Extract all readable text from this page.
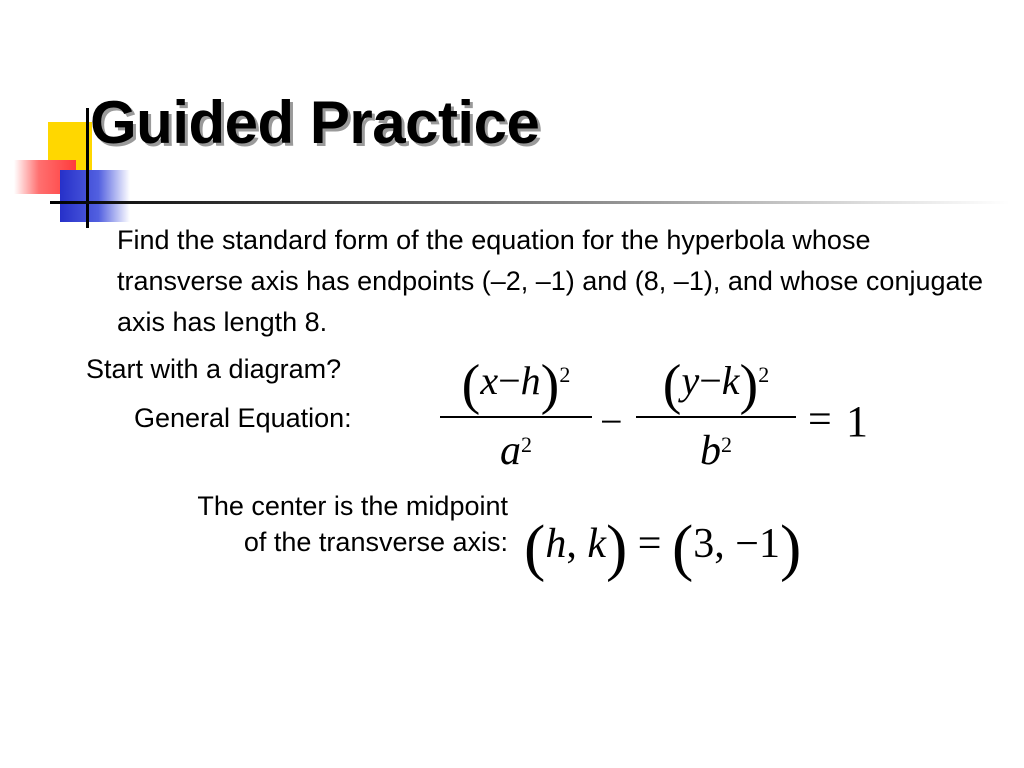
Guided Practice

Find the standard form of the equation for the hyperbola whose transverse axis has endpoints (–2, –1) and (8, –1), and whose conjugate axis has length 8.

Start with a diagram?

General Equation:

The center is the midpoint
of the transverse axis:
$(x-h)^2$
$a^2$
−
$(y-k)^2$
$b^2$
= 1
(h, k) = (3, −1)
